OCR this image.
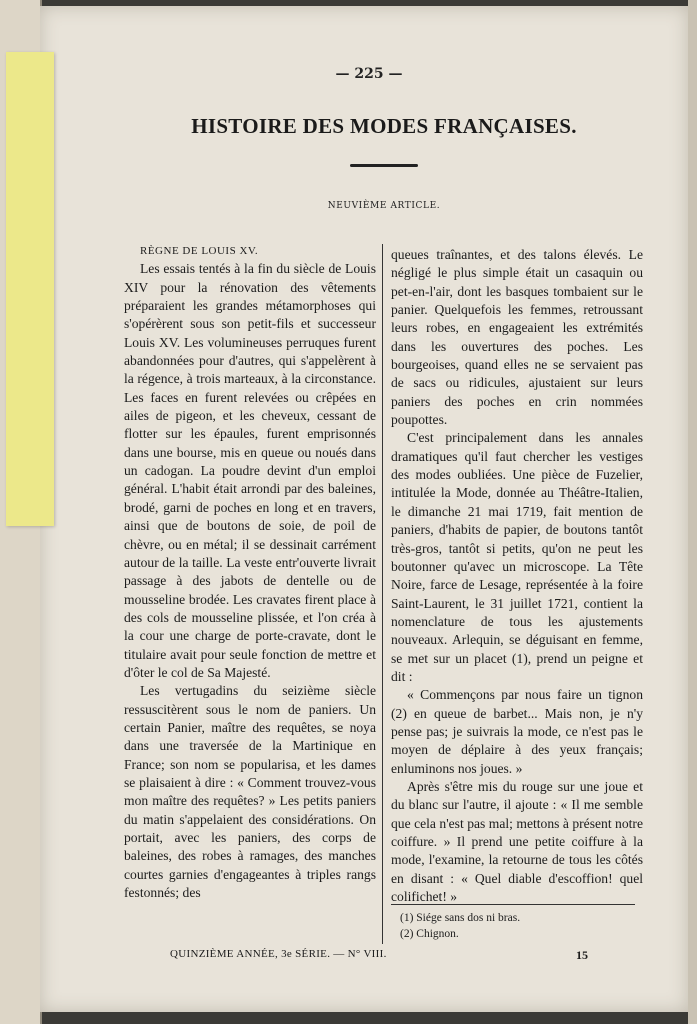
— 225 —
HISTOIRE DES MODES FRANÇAISES.
NEUVIÈME ARTICLE.

RÈGNE DE LOUIS XV.

Les essais tentés à la fin du siècle de Louis XIV pour la rénovation des vêtements préparaient les grandes métamorphoses qui s'opérèrent sous son petit-fils et successeur Louis XV. Les volumineuses perruques furent abandonnées pour d'autres, qui s'appelèrent à la régence, à trois marteaux, à la circonstance. Les faces en furent relevées ou crêpées en ailes de pigeon, et les cheveux, cessant de flotter sur les épaules, furent emprisonnés dans une bourse, mis en queue ou noués dans un cadogan. La poudre devint d'un emploi général. L'habit était arrondi par des baleines, brodé, garni de poches en long et en travers, ainsi que de boutons de soie, de poil de chèvre, ou en métal; il se dessinait carrément autour de la taille. La veste entr'ouverte livrait passage à des jabots de dentelle ou de mousseline brodée. Les cravates firent place à des cols de mousseline plissée, et l'on créa à la cour une charge de porte-cravate, dont le titulaire avait pour seule fonction de mettre et d'ôter le col de Sa Majesté.

Les vertugadins du seizième siècle ressuscitèrent sous le nom de paniers. Un certain Panier, maître des requêtes, se noya dans une traversée de la Martinique en France; son nom se popularisa, et les dames se plaisaient à dire : « Comment trouvez-vous mon maître des requêtes? » Les petits paniers du matin s'appelaient des considérations. On portait, avec les paniers, des corps de baleines, des robes à ramages, des manches courtes garnies d'engageantes à triples rangs festonnés; des

queues traînantes, et des talons élevés. Le négligé le plus simple était un casaquin ou pet-en-l'air, dont les basques tombaient sur le panier. Quelquefois les femmes, retroussant leurs robes, en engageaient les extrémités dans les ouvertures des poches. Les bourgeoises, quand elles ne se servaient pas de sacs ou ridicules, ajustaient sur leurs paniers des poches en crin nommées poupottes.

C'est principalement dans les annales dramatiques qu'il faut chercher les vestiges des modes oubliées. Une pièce de Fuzelier, intitulée la Mode, donnée au Théâtre-Italien, le dimanche 21 mai 1719, fait mention de paniers, d'habits de papier, de boutons tantôt très-gros, tantôt si petits, qu'on ne peut les boutonner qu'avec un microscope. La Tête Noire, farce de Lesage, représentée à la foire Saint-Laurent, le 31 juillet 1721, contient la nomenclature de tous les ajustements nouveaux. Arlequin, se déguisant en femme, se met sur un placet (1), prend un peigne et dit :

« Commençons par nous faire un tignon (2) en queue de barbet... Mais non, je n'y pense pas; je suivrais la mode, ce n'est pas le moyen de déplaire à des yeux français; enluminons nos joues. »

Après s'être mis du rouge sur une joue et du blanc sur l'autre, il ajoute : « Il me semble que cela n'est pas mal; mettons à présent notre coiffure. » Il prend une petite coiffure à la mode, l'examine, la retourne de tous les côtés en disant : « Quel diable d'escoffion! quel colifichet! »

(1) Siége sans dos ni bras.
(2) Chignon.
QUINZIÈME ANNÉE, 3e SÉRIE. — N° VIII.	15
